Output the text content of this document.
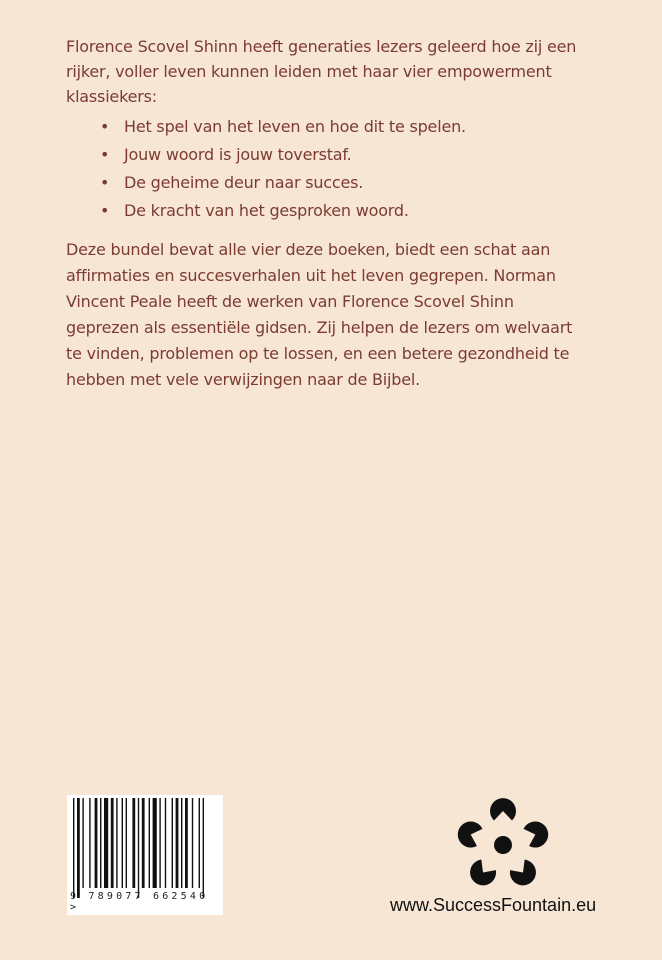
Florence Scovel Shinn heeft generaties lezers geleerd hoe zij een
rijker, voller leven kunnen leiden met haar vier empowerment
klassiekers:
• Het spel van het leven en hoe dit te spelen.
• Jouw woord is jouw toverstaf.
• De geheime deur naar succes.
• De kracht van het gesproken woord.
Deze bundel bevat alle vier deze boeken, biedt een schat aan
affirmaties en succesverhalen uit het leven gegrepen. Norman
Vincent Peale heeft de werken van Florence Scovel Shinn
geprezen als essentiële gidsen. Zij helpen de lezers om welvaart
te vinden, problemen op te lossen, en een betere gezondheid te
hebben met vele verwijzingen naar de Bijbel.
9 789077 662540 >	www.SuccessFountain.eu
